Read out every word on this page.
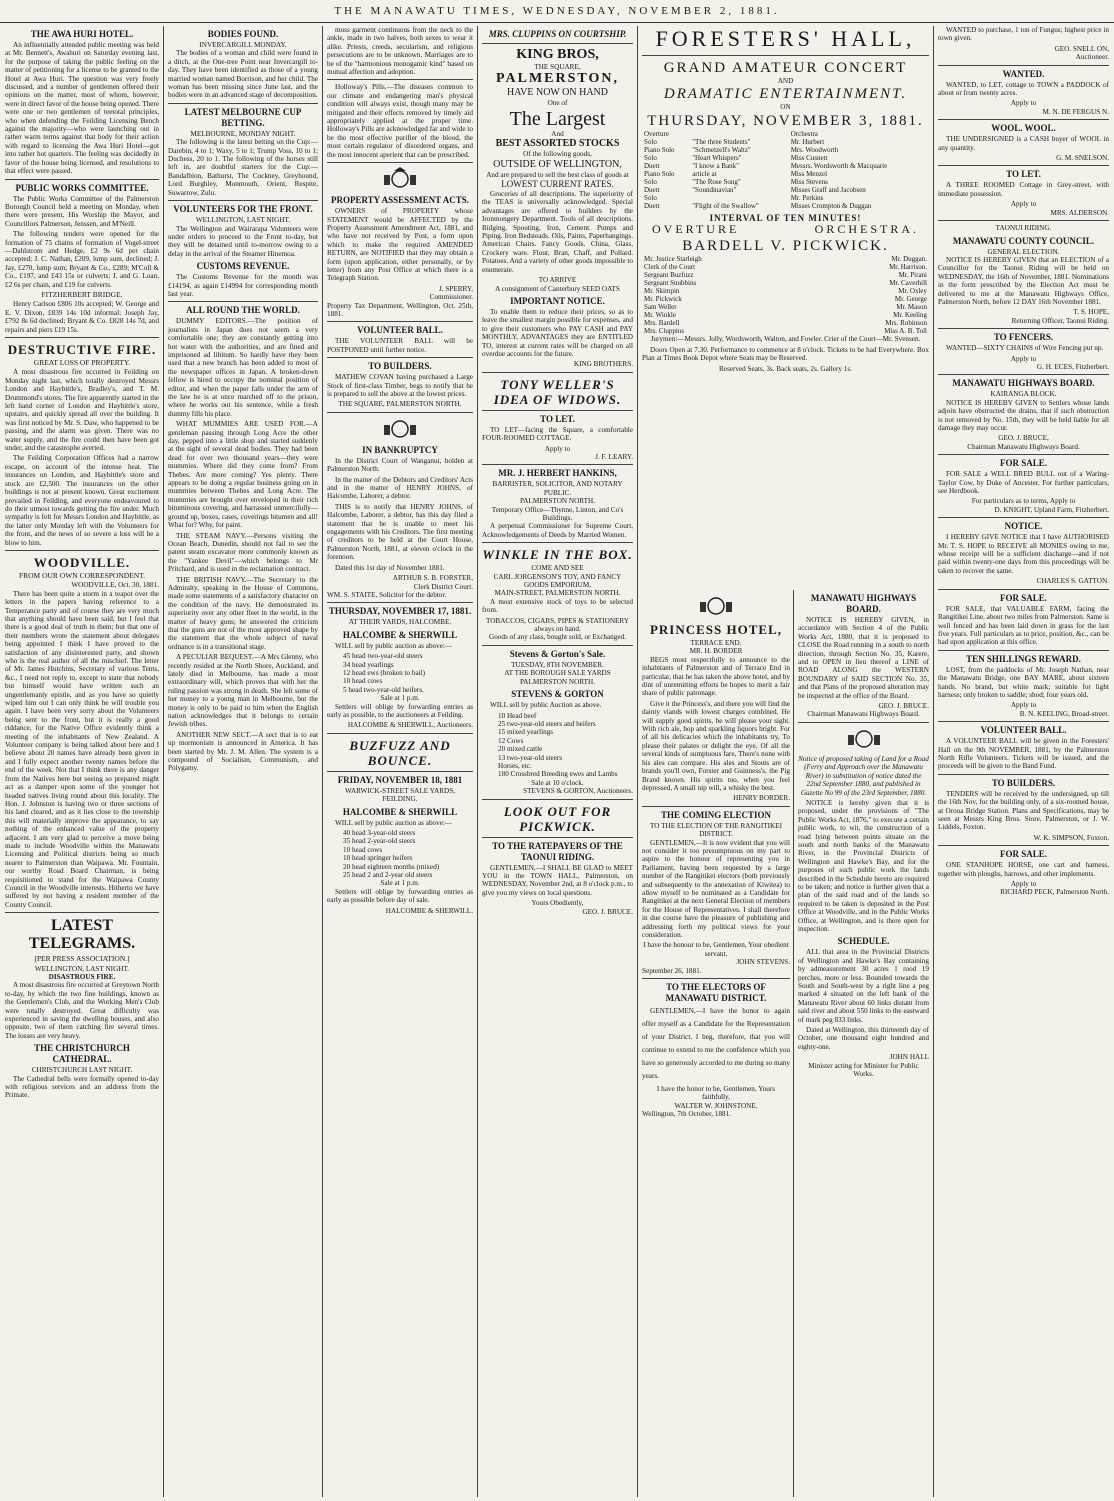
THE MANAWATU TIMES, WEDNESDAY, NOVEMBER 2, 1881.
THE AWA HURI HOTEL.

An influentially attended public meeting was held at Mr. Bennett's, Awahuri on Saturday evening last, for the purpose of taking the public feeling on the matter of petitioning for a license to be granted to the Hotel at Awa Huri. The question was very freely discussed, and a number of gentlemen offered their opinions on the matter, most of whom, however, were in direct favor of the house being opened. There were one or two gentlemen of teetotal principles, who when defending the Feilding Licensing Bench against the majority—who were launching out in rather warm terms against that body for their action with regard to licensing the Awa Huri Hotel—got into rather hot quarters. The feeling was decidedly in favor of the house being licensed, and resolutions to that effect were passed.

PUBLIC WORKS COMMITTEE.

The Public Works Committee of the Palmerston Borough Council held a meeting on Monday, when there were present, His Worship the Mayor, and Councillors Palmerson, Jenssen, and M'Neill.

The following tenders were opened for the formation of 75 chains of formation of Vogel-street—Dahlstrom and Hedge, £2 9s 6d per chain accepted; J. C. Nathan, £209, lump sum, declined; J. Jay, £270, lump sum; Bryant & Co., £289; M'Coll & Co., £197, and £43 15s or culverts; J. and G. Loan, £2 6s per chain, and £19 for culverts.

FITZHERBERT BRIDGE.

Henry Carlson £806 10s accepted; W. George and E. V. Dixon, £839 14s 10d informal; Joseph Jay, £792 8s 6d declined; Bryant & Co. £828 14s 7d, and repairs and piers £19 15s.

DESTRUCTIVE FIRE.
GREAT LOSS OF PROPERTY.

A most disastrous fire occurred in Feilding on Monday night last, which totally destroyed Messrs London and Haybittle's, Bradley's, and T. M. Drummond's stores. The fire apparently started in the left hand corner of London and Haybittle's store, upstairs, and quickly spread all over the building. It was first noticed by Mr. S. Daw, who happened to be passing, and the alarm was given. There was no water supply, and the fire could then have been got under, and the catastrophe averted.

The Feilding Corporation Offices had a narrow escape, on account of the intense heat. The insurances on London, and Haybittle's store and stock are £2,500. The insurances on the other buildings is not at present known. Great excitement prevailed in Feilding, and everyone endeavoured to do their utmost towards getting the fire under. Much sympathy is felt for Messrs London and Haybittle, as the latter only Monday left with the Volunteers for the front, and the news of so severe a loss will be a blow to him.

WOODVILLE.
FROM OUR OWN CORRESPONDENT.
WOODVILLE, Oct. 30, 1881.

There has been quite a storm in a teapot over the letters in the papers having reference to a Temperance party and of course they are very much that anything should have been said, but I feel that there is a good deal of truth in them; but that one of their members wrote the statement about delegates being appointed I think I have proved to the satisfaction of any disinterested party, and shown who is the real author of all the mischief. The letter of Mr. James Hutchins, Secretary of various Tents, &c., I need not reply to, except to state that nobody but himself would have written such an ungentlemanly epistle, and as you have so quietly wiped him out I can only think he will trouble you again. I have been very sorry about the Volunteers being sent to the front, but it is really a good riddance, for the Native Office evidently think a meeting of the inhabitants of New Zealand. A Volunteer company is being talked about here and I believe about 20 names have already been given in and I fully expect another twenty names before the end of the week. Not that I think there is any danger from the Natives here but seeing so prepared might act as a damper upon some of the younger hot headed natives living round about this locality. The Hon. J. Johnston is having two or three sections of his land cleared, and as it lies close to the township this will materially improve the appearance, to say nothing of the enhanced value of the property adjacent. I am very glad to perceive a move being made to include Woodville within the Manawatu Licensing and Political districts being so much nearer to Palmerston than Waipawa. Mr. Fountain, our worthy Road Board Chairman, is being requisitioned to stand for the Waipawa County Council in the Woodville interests. Hitherto we have suffered by not having a resident member of the County Council.

LATEST TELEGRAMS.
[PER PRESS ASSOCIATION.]
WELLINGTON, LAST NIGHT.
DISASTROUS FIRE.

A most disastrous fire occurred at Greytown North to-day, by which the two fine buildings, known as the Gentlemen's Club, and the Working Men's Club were totally destroyed. Great difficulty was experienced in saving the dwelling houses, and also opposite, two of them catching fire several times. The losses are very heavy.

THE CHRISTCHURCH CATHEDRAL.
CHRISTCHURCH LAST NIGHT.

The Cathedral bells were formally opened to-day with religious services and an address from the Primate.

BODIES FOUND.
INVERCARGILL MONDAY.

The bodies of a woman and child were found in a ditch, at the One-tree Point near Invercargill to-day. They have been identified as those of a young married woman named Borrison, and her child. The woman has been missing since June last, and the bodies were in an advanced stage of decomposition.

LATEST MELBOURNE CUP BETTING.
MELBOURNE, MONDAY NIGHT.

The following is the latest betting on the Cup:—Darebin, 4 to 1; Waxy, 5 to 1; Trump Voss, 10 to 1; Duchess, 20 to 1. The following of the horses still left in, are doubtful starters for the Cup:—Bandalbion, Bathurst, The Cockney, Greyhound, Lord Burghley, Monmouth, Orient, Respite, Suwarrow, Zulu.

VOLUNTEERS FOR THE FRONT.
WELLINGTON, LAST NIGHT.

The Wellington and Wairarapa Volunteers were under orders to proceed to the Front to-day, but they will be detained until to-morrow owing to a delay in the arrival of the Steamer Hinemoa.

CUSTOMS REVENUE.

The Customs Revenue for the month was £14194, as again £14994 for corresponding month last year.

ALL ROUND THE WORLD.

DUMMY EDITORS.—The position of journalists in Japan does not seem a very comfortable one; they are constantly getting into hot water with the authorities, and are fined and imprisoned ad libitum. So hardly have they been used that a new branch has been added to most of the newspaper offices in Japan. A broken-down fellow is hired to occupy the nominal position of editor, and when the paper falls under the arm of the law he is at once marched off to the prison, where he works out his sentence, while a fresh dummy fills his place.

WHAT MUMMIES ARE USED FOR.—A gentleman passing through Long Acre the other day, pepped into a little shop and started suddenly at the sight of several dead bodies. They had been dead for over two thousand years—they were mummies. Where did they come from? From Thebes. Are more coming? Yes plenty. There appears to be doing a regular business going on in mummies between Thebes and Long Acre. The mummies are brought over enveloped in their rich bituminous covering, and harrassed unmercifully—ground up, boxes, cases, coverings bitumen and all! What for? Why, for paint.

THE STEAM NAVY.—Persons visiting the Ocean Beach, Dunedin, should not fail to see the patent steam excavator more commonly known as the "Yankee Devil"—which belongs to Mr Pritchard, and is used in the reclamation contract.

THE BRITISH NAVY.—The Secretary to the Admiralty, speaking in the House of Commons, made some statements of a satisfactory character on the condition of the navy. He demonstrated its superiority over any other fleet in the world, in the matter of heavy guns; he answered the criticism that the guns are not of the most approved shape by the statement that the whole subject of naval ordnance is in a transitional stage.

A PECULIAR BEQUEST.—A Mrs Glenny, who recently resided at the North Shore, Auckland, and lately died in Melbourne, has made a most extraordinary will, which proves that with her the ruling passion was strong in death. She left some of her money to a young man in Melbourne, but the money is only to be paid to him when the English nation acknowledges that it belongs to certain Jewish tribes.

ANOTHER NEW SECT.—A sect that is to eat up mormonism is announced in America. It has been started by Mr. J. M. Allen. The system is a compound of Socialism, Communism, and Polygamy.

moss garment continuous from the neck to the ankle, made in two halves, both sexes to wear it alike. Priests, creeds, secularism, and religious persecutions are to be unknown. Marriages are to be of the "harmonious monogamic kind" based on mutual affection and adoption.

Holloway's Pills.—The diseases common to our climate and endangering man's physical condition will always exist, though many may be mitigated and their effects removed by timely aid appropriately applied at the proper time. Holloway's Pills are acknowledged far and wide to be the most effective purifier of the blood, the most certain regulator of disordered organs, and the most innocent aperient that can be prescribed.

PROPERTY ASSESSMENT ACTS.

OWNERS of PROPERTY whose STATEMENT would be AFFECTED by the Property Assessment Amendment Act, 1881, and who have not received by Post, a form upon which to make the required AMENDED RETURN, are NOTIFIED that they may obtain a form (upon application, either personally, or by letter) from any Post Office at which there is a Telegraph Station.

J. SPERRY,
Commissioner.
Property Tax Department, Wellington, Oct. 25th, 1881.
VOLUNTEER BALL.

THE VOLUNTEER BALL will be POSTPONED until further notice.

TO BUILDERS.

MATHEW COVAN having purchased a Large Stock of first-class Timber, begs to notify that he is prepared to sell the above at the lowest prices.

THE SQUARE, PALMERSTON NORTH.
IN BANKRUPTCY

In the District Court of Wanganui, holden at Palmerston North.

In the matter of the Debtors and Creditors' Acts and in the matter of HENRY JOHNS, of Halcombe, Laborer, a debtor.

THIS is to notify that HENRY JOHNS, of Halcombe, Laborer, a debtor, has this day filed a statement that he is unable to meet his engagements with his Creditors. The first meeting of creditors to be held at the Court House, Palmerston North, 1881, at eleven o'clock in the forenoon.

Dated this 1st day of November 1881.

ARTHUR S. B. FORSTER,
Clerk District Court.
WM. S. STAITE, Solicitor for the debtor.
THURSDAY, NOVEMBER 17, 1881.
AT THEIR YARDS, HALCOMBE.
HALCOMBE & SHERWILL

WILL sell by public auction as above:—

45 head two-year-old steers
34 head yearlings
12 head ews (broken to bail)
10 head cows
5 head two-year-old heifers.
Sale at 1 p.m.

Settlers will oblige by forwarding entries as early as possible, to the auctioneers at Feilding.

HALCOMBE & SHERWILL, Auctioneers.
BUZFUZZ AND BOUNCE.
FRIDAY, NOVEMBER 18, 1881
WARWICK-STREET SALE YARDS, FEILDING.
HALCOMBE & SHERWILL

WILL sell by public auction as above:—

40 head 3-year-old steers
35 head 2-year-old steers
10 head cows
10 head springer heifers
20 head eighteen months (mixed)
25 head 2 and 2-year old steers
Sale at 1 p.m.

Settlers will oblige by forwarding entries as early as possible before day of sale.

HALCOMBE & SHERWILL.
MRS. CLUPPINS ON COURTSHIP.
KING BROS,
THE SQUARE,
PALMERSTON,
HAVE NOW ON HAND
One of
The Largest
And
BEST ASSORTED STOCKS
Of the following goods,
OUTSIDE OF WELLINGTON,
And are prepared to sell the best class of goods at
LOWEST CURRENT RATES.

Groceries of all descriptions. The superiority of the TEAS is universally acknowledged. Special advantages are offered to builders by the Ironmongery Department. Tools of all descriptions. Ridging, Spouting, Iron, Cement. Pumps and Piping. Iron Bedsteads. Oils, Paints, Paperhangings. American Chairs. Fancy Goods. China, Glass, Crockery ware. Flour, Bran, Chaff, and Pollard. Potatoes. And a variety of other goods impossible to enumerate.

TO ARRIVE
A consignment of Canterbury SEED OATS
IMPORTANT NOTICE.

To enable them to reduce their prices, so as to leave the smallest margin possible for expenses, and to give their customers who PAY CASH and PAY MONTHLY, ADVANTAGES they are ENTITLED TO, interest at current rates will be charged on all overdue accounts for the future.

KING BROTHERS.
TONY WELLER'S IDEA OF WIDOWS.
TO LET.

TO LET—facing the Square, a comfortable FOUR-ROOMED COTTAGE.

Apply to
J. F. LEARY.
MR. J. HERBERT HANKINS,
BARRISTER, SOLICITOR, AND NOTARY PUBLIC.
PALMERSTON NORTH.
Temporary Office—Thynne, Linton, and Co's Buildings.

A perpetual Commissioner for Supreme Court, Acknowledgements of Deeds by Married Women.

WINKLE IN THE BOX.
COME AND SEE
CARL JORGENSON'S TOY, AND FANCY GOODS EMPORIUM,
MAIN-STREET, PALMERSTON NORTH.

A most extensive stock of toys to be selected from.

TOBACCOS, CIGARS, PIPES & STATIONERY always on hand.
Goods of any class, bought sold, or Exchanged.
Stevens & Gorton's Sale.
TUESDAY, 8TH NOVEMBER.
AT THE BOROUGH SALE YARDS PALMERSTON NORTH.
STEVENS & GORTON

WILL sell by public Auction as above.

10 Head beef
25 two-year-old steers and heifers
15 mixed yearlings
12 Cows
20 mixed cattle
13 two-year-old steers
Horses, etc.
180 Crossbred Breeding ewes and Lambs
Sale at 10 o'clock.
STEVENS & GORTON, Auctioneers.
LOOK OUT FOR PICKWICK.
TO THE RATEPAYERS OF THE TAONUI RIDING.

GENTLEMEN,—I SHALL BE GLAD to MEET YOU in the TOWN HALL, Palmerston, on WEDNESDAY, November 2nd, at 8 o'clock p.m., to give you my views on local questions.

Yours Obediently,
GEO. J. BRUCE.
FORESTERS' HALL,
GRAND AMATEUR CONCERT
AND
DRAMATIC ENTERTAINMENT.
ON
THURSDAY, NOVEMBER 3, 1881.
Overture		Orchestra
Solo	"The three Students"	Mr. Hurbert
Piano Solo	"Schmetzell's Waltz"	Mrs. Woodworth
Solo	"Heart Whispers"	Miss Cusnett
Duett	"I know a Bank"	Messrs. Wordsworth & Macquarie
Piano Solo	article at	Miss Menzel
Solo	"The Rose Song"	Miss Stevens
Duett	"Soundinavian"	Misses Graff and Jacobsen
Solo		Mr. Perkins
Duett	"Flight of the Swallow"	Misses Crompton & Duggan
INTERVAL OF TEN MINUTES!
OVERTURE	ORCHESTRA.
BARDELL V. PICKWICK.
Mr. Justice Starleigh	Mr. Duggan.
Clerk of the Court	Mr. Harrison.
Sergeant Buzfuzz	Mr. Pirani
Sergeant Snubbins	Mr. Caverhill
Mr. Skimpin	Mr. Oxley
Mr. Pickwick	Mr. George
Sam Weller	Mr. Mason
Mr. Winkle	Mr. Keeling
Mrs. Bardell	Mrs. Robinson
Mrs. Cluppins	Miss A. B. Toll
Jurymen:—Messrs. Jolly, Wordsworth, Walton, and Fowler. Crier of the Court—Mr. Svensen.

Doors Open at 7.30. Performance to commence at 8 o'clock. Tickets to be had Everywhere. Box Plan at Times Book Depot where Seats may be Reserved.

Reserved Seats, 3s. Back seats, 2s. Gallery 1s.
PRINCESS HOTEL,
TERRACE END.
MR. H. BORDER

BEGS most respectfully to announce to the inhabitants of Palmerston and of Terrace End in particular, that he has taken the above hotel, and by dint of unremitting efforts he hopes to merit a fair share of public patronage.

Give it the Princess's, and there you will find the dainty viands with lowest charges combined. He will supply good spirits, he will please your sight. With rich ale, hop and sparkling liquors bright. For of all his delicacies which the inhabitants try, To please their palates or delight the eye, Of all the several kinds of sumptuous fare, There's none with his ales can compare. His ales and Stouts are of brands you'll own, Forster and Guinness's, the Pig Brand known. His spirits too, when you feel depressed, A small nip will, a whisky the best.

HENRY BORDER.
THE COMING ELECTION
TO THE ELECTION OF THE RANGITIKEI DISTRICT.

GENTLEMEN,—It is now evident that you will not consider it too presumptuous on my part to aspire to the honour of representing you in Parliament, having been requested by a large number of the Rangitikei electors (both previously and subsequently to the annexation of Kiwitea) to allow myself to be nominated as a Candidate for Rangitikei at the next General Election of members for the House of Representatives. I shall therefore in due course have the pleasure of publishing and addressing forth my political views for your consideration.

I have the honour to be, Gentlemen, Your obedient servant,
JOHN STEVENS.
September 26, 1881.
TO THE ELECTORS OF MANAWATU DISTRICT.

GENTLEMEN,—I have the honor to again offer myself as a Candidate for the Representation of your District. I beg, therefore, that you will continue to extend to me the confidence which you have so generously accorded to me during so many years.

I have the honor to be, Gentlemen, Yours faithfully,
WALTER W. JOHNSTONE.
Wellington, 7th October, 1881.
MANAWATU HIGHWAYS BOARD.

NOTICE IS HEREBY GIVEN, in accordance with Section 4 of the Public Works Act, 1880, that it is proposed to CLOSE the Road running in a south to north direction, through Section No. 35, Karere, and to OPEN in lieu thereof a LINE of ROAD ALONG the WESTERN BOUNDARY of SAID SECTION No. 35, and that Plans of the proposed alteration may be inspected at the office of the Board.

GEO. J. BRUCE.
Chairman Manawatu Highways Board.

Notice of proposed taking of Land for a Road (Ferry and Approach over the Manawatu River) in substitution of notice dated the 22nd September 1880, and published in Gazette No 99 of the 23rd September, 1880.

NOTICE is hereby given that it is proposed, under the provisions of "The Public Works Act, 1876," to execute a certain public work, to wit, the construction of a road lying between points situate on the south and north banks of the Manawatu River, in the Provincial Districts of Wellington and Hawke's Bay, and for the purposes of such public work the lands described in the Schedule hereto are required to be taken; and notice is further given that a plan of the said road and of the lands so required to be taken is deposited in the Post Office at Woodville, and in the Public Works Office, at Wellington, and is there open for inspection.

SCHEDULE.

ALL that area in the Provincial Districts of Wellington and Hawke's Bay containing by admeasurement 30 acres 1 rood 19 perches, more or less. Bounded towards the South and South-west by a right line a peg marked 4 situated on the left bank of the Manawatu River about 60 links distant from said river and about 550 links to the eastward of mark peg 833 links.

Dated at Wellington, this thirteenth day of October, one thousand eight hundred and eighty-one.

JOHN HALL
Minister acting for Minister for Public Works.

WANTED to purchase, 1 ton of Fungus; highest price in town given.

GEO. SNELL ON,
Auctioneer.
WANTED.

WANTED, to LET, cottage to TOWN a PADDOCK of about or from twenty acres.

Apply to
M. N. DE FERGUS N.
WOOL. WOOL.

THE UNDERSIGNED is a CASH buyer of WOOL in any quantity.

G. M. SNELSON.
TO LET.

A THREE ROOMED Cottage in Grey-street, with immediate possession.

Apply to
MRS. ALDERSON.
TAONUI RIDING.
MANAWATU COUNTY COUNCIL.
GENERAL ELECTION.

NOTICE IS HEREBY GIVEN that an ELECTION of a Councillor for the Taonui Riding will be held on WEDNESDAY, the 16th of November, 1881. Nominations in the form prescribed by the Election Act must be delivered to me at the Manawatu Highways Office, Palmerston North, before 12 DAY 16th November 1881.

T. S. HOPE,
Returning Officer, Taonui Riding.
TO FENCERS.

WANTED—SIXTY CHAINS of Wire Fencing put up.

Apply to
G. H. ECES, Fitzherbert.
MANAWATU HIGHWAYS BOARD.
KAIRANGA BLOCK.

NOTICE IS HEREBY GIVEN to Settlers whose lands adjoin have obstructed the drains, that if such obstruction is not removed by No. 15th, they will be held liable for all damage they may occur.

GEO. J. BRUCE,
Chairman Manawatu Highways Board.
FOR SALE.

FOR SALE a WELL BRED BULL out of a Waring-Taylor Cow, by Duke of Ancester. For further particulars, see Herdbook.

For particulars as to terms, Apply to
D. KNIGHT, Upland Farm, Fitzherbert.
NOTICE.

I HEREBY GIVE NOTICE that I have AUTHORISED Mr. T. S. HOPE to RECEIVE all MONIES owing to me, whose receipt will be a sufficient discharge—and if not paid within twenty-one days from this proceedings will be taken to recover the same.

CHARLES S. GATTON.
FOR SALE.

FOR SALE, that VALUABLE FARM, facing the Rangitikei Line, about two miles from Palmerston. Same is well fenced and has been laid down in grass for the last five years. Full particulars as to price, position, &c., can be had upon application at this office.

TEN SHILLINGS REWARD.

LOST, from the paddocks of Mr. Joseph Nathan, near the Manawatu Bridge, one BAY MARE, about sixteen hands. No brand, but white mark; suitable for light harness; only broken to saddle; shod; four years old.

Apply to
B. N. KEELING, Broad-street.
VOLUNTEER BALL.

A VOLUNTEER BALL will be given in the Foresters' Hall on the 9th NOVEMBER, 1881, by the Palmerston North Rifle Volunteers. Tickets will be issued, and the proceeds will be given to the Band Fund.

TO BUILDERS.

TENDERS will be received by the undersigned, up till the 16th Nov, for the building only, of a six-roomed house, at Oroua Bridge Station. Plans and Specifications, may be seen at Messrs King Bros. Store, Palmerston, or J. W. Liddels, Foxton.

W. K. SIMPSON, Foxton.
FOR SALE.

ONE STANHOPE HORSE, one cart and harness, together with ploughs, harrows, and other implements.

Apply to
RICHARD PECK, Palmerston North.
